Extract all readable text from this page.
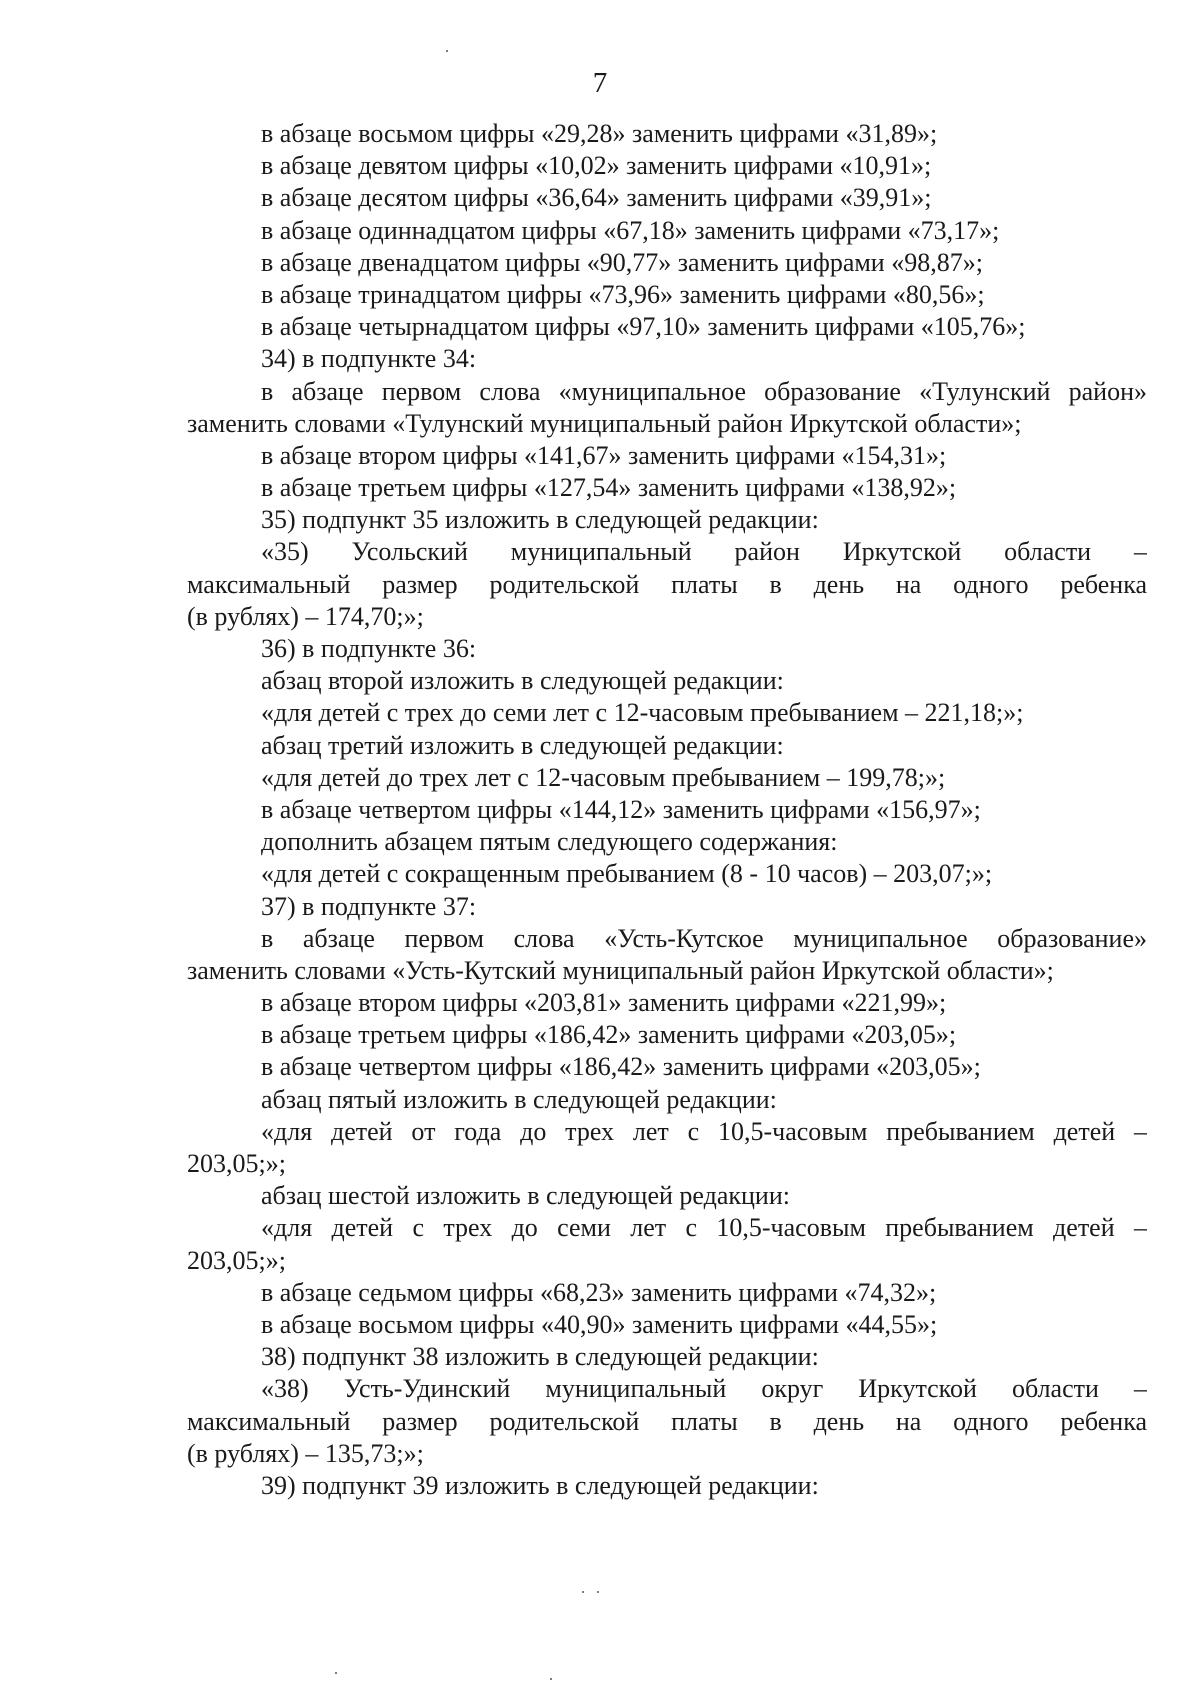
7
в абзаце восьмом цифры «29,28» заменить цифрами «31,89»;
в абзаце девятом цифры «10,02» заменить цифрами «10,91»;
в абзаце десятом цифры «36,64» заменить цифрами «39,91»;
в абзаце одиннадцатом цифры «67,18» заменить цифрами «73,17»;
в абзаце двенадцатом цифры «90,77» заменить цифрами «98,87»;
в абзаце тринадцатом цифры «73,96» заменить цифрами «80,56»;
в абзаце четырнадцатом цифры «97,10» заменить цифрами «105,76»;
34) в подпункте 34:
в абзаце первом слова «муниципальное образование «Тулунский район»
заменить словами «Тулунский муниципальный район Иркутской области»;
в абзаце втором цифры «141,67» заменить цифрами «154,31»;
в абзаце третьем цифры «127,54» заменить цифрами «138,92»;
35) подпункт 35 изложить в следующей редакции:
«35) Усольский муниципальный район Иркутской области –
максимальный размер родительской платы в день на одного ребенка
(в рублях) – 174,70;»;
36) в подпункте 36:
абзац второй изложить в следующей редакции:
«для детей с трех до семи лет с 12-часовым пребыванием – 221,18;»;
абзац третий изложить в следующей редакции:
«для детей до трех лет с 12-часовым пребыванием – 199,78;»;
в абзаце четвертом цифры «144,12» заменить цифрами «156,97»;
дополнить абзацем пятым следующего содержания:
«для детей с сокращенным пребыванием (8 - 10 часов) – 203,07;»;
37) в подпункте 37:
в абзаце первом слова «Усть-Кутское муниципальное образование»
заменить словами «Усть-Кутский муниципальный район Иркутской области»;
в абзаце втором цифры «203,81» заменить цифрами «221,99»;
в абзаце третьем цифры «186,42» заменить цифрами «203,05»;
в абзаце четвертом цифры «186,42» заменить цифрами «203,05»;
абзац пятый изложить в следующей редакции:
«для детей от года до трех лет с 10,5-часовым пребыванием детей –
203,05;»;
абзац шестой изложить в следующей редакции:
«для детей с трех до семи лет с 10,5-часовым пребыванием детей –
203,05;»;
в абзаце седьмом цифры «68,23» заменить цифрами «74,32»;
в абзаце восьмом цифры «40,90» заменить цифрами «44,55»;
38) подпункт 38 изложить в следующей редакции:
«38) Усть-Удинский муниципальный округ Иркутской области –
максимальный размер родительской платы в день на одного ребенка
(в рублях) – 135,73;»;
39) подпункт 39 изложить в следующей редакции:
